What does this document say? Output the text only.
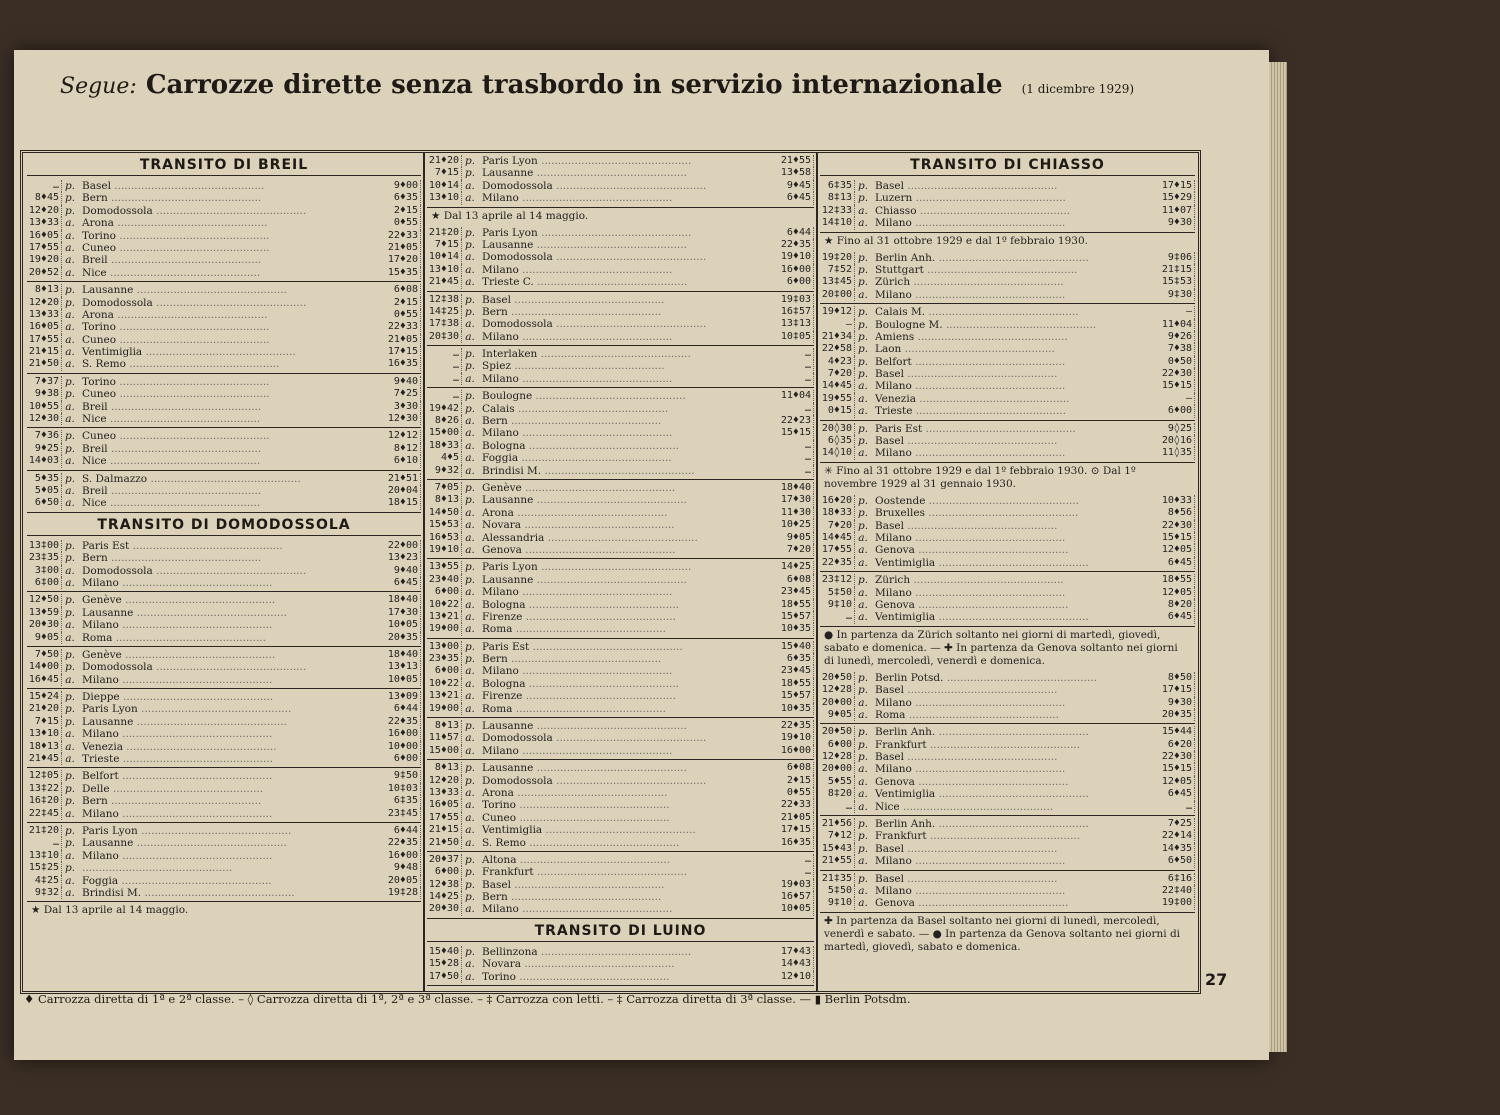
Segue: Carrozze dirette senza trasbordo in servizio internazionale (1 dicembre 1929)
TRANSITO DI BREIL
… p. Basel .....	9♦00
8♦45 p. Bern .....	6♦35
12♦20 p. Domodossola .....	2♦15
13♦33 a. Arona .....	0♦55
16♦05 a. Torino .....	22♦33
17♦55 a. Cuneo .....	21♦05
19♦20 a. Breil .....	17♦20
20♦52 a. Nice .....	15♦35
8♦13 p. Lausanne .....	6♦08
12♦20 p. Domodossola .....	2♦15
13♦33 a. Arona .....	0♦55
16♦05 a. Torino .....	22♦33
17♦55 a. Cuneo .....	21♦05
21♦15 a. Ventimiglia .....	17♦15
21♦50 a. S. Remo .....	16♦35
7♦37 p. Torino .....	9♦40
9♦38 p. Cuneo .....	7♦25
10♦55 a. Breil .....	3♦30
12♦30 a. Nice .....	12♦30
7♦36 p. Cuneo .....	12♦12
9♦25 p. Breil .....	8♦12
14♦03 a. Nice .....	6♦10
5♦35 p. S. Dalmazzo .....	21♦51
5♦05 a. Breil .....	20♦04
6♦50 a. Nice .....	18♦15
TRANSITO DI DOMODOSSOLA
13‡00 p. Paris Est .....	22♦00
23‡35 p. Bern .....	13♦23
3‡00 a. Domodossola .....	9♦40
6‡00 a. Milano .....	6♦45
12♦50 p. Genève .....	18♦40
13♦59 p. Lausanne .....	17♦30
20♦30 a. Milano .....	10♦05
9♦05 a. Roma .....	20♦35
7♦50 p. Genève .....	18♦40
14♦00 p. Domodossola .....	13♦13
16♦45 a. Milano .....	10♦05
15♦24 p. Dieppe .....	13♦09
21♦20 p. Paris Lyon .....	6♦44
7♦15 p. Lausanne .....	22♦35
13♦10 a. Milano .....	16♦00
18♦13 a. Venezia .....	10♦00
21♦45 a. Trieste .....	6♦00
12‡05 p. Belfort .....	9‡50
13‡22 p. Delle .....	10‡03
16‡20 p. Bern .....	6‡35
22‡45 a. Milano .....	23‡45
21‡20 p. Paris Lyon .....	6♦44
… p. Lausanne .....	22♦35
13‡10 a. Milano .....	16♦00
15‡25 p.
.....	9♦48
4‡25 a. Foggia .....	20♦05
9‡32 a. Brindisi M. .....	19‡28
★ Dal 13 aprile al 14 maggio.
21♦20 p. Paris Lyon .....	21♦55
7♦15 p. Lausanne .....	13♦58
10♦14 a. Domodossola .....	9♦45
13♦10 a. Milano .....	6♦45
★ Dal 13 aprile al 14 maggio.
21‡20 p. Paris Lyon .....	6♦44
7♦15 p. Lausanne .....	22♦35
10♦14 a. Domodossola .....	19♦10
13♦10 a. Milano .....	16♦00
21♦45 a. Trieste C. .....	6♦00
12‡38 p. Basel .....	19‡03
14‡25 p. Bern .....	16‡57
17‡38 a. Domodossola .....	13‡13
20‡30 a. Milano .....	10‡05
… p. Interlaken .....	…
… p. Spiez .....	…
… a. Milano .....	…
… p. Boulogne .....	11♦04
19♦42 p. Calais .....	…
8♦26 a. Bern .....	22♦23
15♦00 a. Milano .....	15♦15
18♦33 a. Bologna .....	…
4♦5 a. Foggia .....	…
9♦32 a. Brindisi M. .....	…
7♦05 p. Genève .....	18♦40
8♦13 p. Lausanne .....	17♦30
14♦50 a. Arona .....	11♦30
15♦53 a. Novara .....	10♦25
16♦53 a. Alessandria .....	9♦05
19♦10 a. Genova .....	7♦20
13♦55 p. Paris Lyon .....	14♦25
23♦40 p. Lausanne .....	6♦08
6♦00 a. Milano .....	23♦45
10♦22 a. Bologna .....	18♦55
13♦21 a. Firenze .....	15♦57
19♦00 a. Roma .....	10♦35
13♦00 p. Paris Est .....	15♦40
23♦35 p. Bern .....	6♦35
6♦00 a. Milano .....	23♦45
10♦22 a. Bologna .....	18♦55
13♦21 a. Firenze .....	15♦57
19♦00 a. Roma .....	10♦35
8♦13 p. Lausanne .....	22♦35
11♦57 a. Domodossola .....	19♦10
15♦00 a. Milano .....	16♦00
8♦13 p. Lausanne .....	6♦08
12♦20 p. Domodossola .....	2♦15
13♦33 a. Arona .....	0♦55
16♦05 a. Torino .....	22♦33
17♦55 a. Cuneo .....	21♦05
21♦15 a. Ventimiglia .....	17♦15
21♦50 a. S. Remo .....	16♦35
20♦37 p. Altona .....	…
6♦00 p. Frankfurt .....	…
12♦38 p. Basel .....	19♦03
14♦25 p. Bern .....	16♦57
20♦30 a. Milano .....	10♦05
TRANSITO DI LUINO
15♦40 p. Bellinzona .....	17♦43
15♦28 a. Novara .....	14♦43
17♦50 a. Torino .....	12♦10
TRANSITO DI CHIASSO
6‡35 p. Basel .....	17♦15
8‡13 p. Luzern .....	15♦29
12‡33 a. Chiasso .....	11♦07
14‡10 a. Milano .....	9♦30
★ Fino al 31 ottobre 1929 e dal 1º febbraio 1930.
19‡20 p. Berlin Anh. .....	9‡06
7‡52 p. Stuttgart .....	21‡15
13‡45 p. Zürich .....	15‡53
20‡00 a. Milano .....	9‡30
19♦12 p. Calais M. .....	—
— p. Boulogne M. .....	11♦04
21♦34 p. Amiens .....	9♦26
22♦58 p. Laon .....	7♦38
4♦23 p. Belfort .....	0♦50
7♦20 p. Basel .....	22♦30
14♦45 a. Milano .....	15♦15
19♦55 a. Venezia .....	—
0♦15 a. Trieste .....	6♦00
20◊30 p. Paris Est .....	9◊25
6◊35 p. Basel .....	20◊16
14◊10 a. Milano .....	11◊35
✳ Fino al 31 ottobre 1929 e dal 1º febbraio 1930. ⊙ Dal 1º novembre 1929 al 31 gennaio 1930.
16♦20 p. Oostende .....	10♦33
18♦33 p. Bruxelles .....	8♦56
7♦20 p. Basel .....	22♦30
14♦45 a. Milano .....	15♦15
17♦55 a. Genova .....	12♦05
22♦35 a. Ventimiglia .....	6♦45
23‡12 p. Zürich .....	18♦55
5‡50 a. Milano .....	12♦05
9‡10 a. Genova .....	8♦20
… a. Ventimiglia .....	6♦45
● In partenza da Zürich soltanto nei giorni di martedì, giovedì, sabato e domenica. — ✚ In partenza da Genova soltanto nei giorni di lunedì, mercoledì, venerdì e domenica.
20♦50 p. Berlin Potsd. .....	8♦50
12♦28 p. Basel .....	17♦15
20♦00 a. Milano .....	9♦30
9♦05 a. Roma .....	20♦35
20♦50 p. Berlin Anh. .....	15♦44
6♦00 p. Frankfurt .....	6♦20
12♦28 p. Basel .....	22♦30
20♦00 a. Milano .....	15♦15
5♦55 a. Genova .....	12♦05
8‡20 a. Ventimiglia .....	6♦45
… a. Nice .....	…
21♦56 p. Berlin Anh. .....	7♦25
7♦12 p. Frankfurt .....	22♦14
15♦43 p. Basel .....	14♦35
21♦55 a. Milano .....	6♦50
21‡35 p. Basel .....	6‡16
5‡50 a. Milano .....	22‡40
9‡10 a. Genova .....	19‡00
✚ In partenza da Basel soltanto nei giorni di lunedì, mercoledì, venerdì e sabato. — ● In partenza da Genova soltanto nei giorni di martedì, giovedì, sabato e domenica.
♦ Carrozza diretta di 1ª e 2ª classe. – ◊ Carrozza diretta di 1ª, 2ª e 3ª classe. – ‡ Carrozza con letti. – ‡ Carrozza diretta di 3ª classe. — ▮ Berlin Potsdm.
27
